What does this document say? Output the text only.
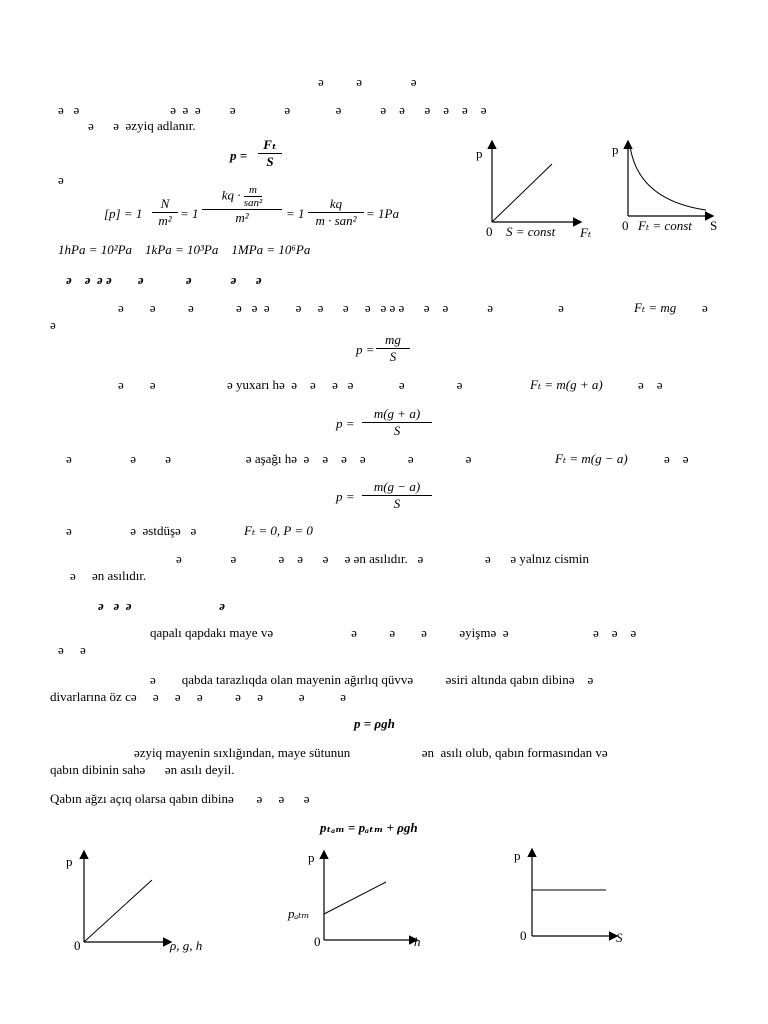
ə          ə               ə
ə   ə                            ə  ə  ə         ə               ə              ə            ə    ə      ə    ə    ə    ə
ə      ə  əzyiq adlanır.
$p = \frac{\text{Fₜ}}{S}$
ə
$[p] = 1 \frac{N}{\text{m²}} = 1$
kq · m
san²
m²	= 1
kq
m · san² = 1Pa
1hPa = 10²Pa    1kPa = 10³Pa    1MPa = 10⁶Pa
ə    ə  ə ə        ə             ə            ə      ə
ə        ə          ə             ə   ə  ə        ə     ə      ə     ə   ə ə ə      ə    ə            ə                    ə	Fₜ = mg ə
ə
p =
$\frac{mg}{S}$
ə        ə                      ə yuxarı hə  ə    ə     ə   ə              ə                ə	Fₜ = m(g + a)	ə    ə
$p = \frac{m(g + a)}{S}$
ə                  ə         ə                       ə aşağı hə  ə    ə    ə    ə             ə                ə	Fₜ = m(g − a)	ə    ə
$p = \frac{m(g - a)}{S}$
ə                  ə  əstdüşə   ə	Fₜ = 0, P = 0
ə               ə             ə    ə      ə     ə ən asılıdır.   ə                   ə      ə yalnız cismin
ə     ən asılıdır.
ə   ə  ə                           ə
qapalı qapdakı maye və                        ə          ə        ə          əyişmə  ə                          ə    ə    ə
ə     ə
ə        qabda tarazlıqda olan mayenin ağırlıq qüvvə          əsiri altında qabın dibinə    ə
divarlarına öz cə     ə     ə     ə          ə     ə           ə           ə
p = ρgh
əzyiq mayenin sıxlığından, maye sütunun                      ən  asılı olub, qabın formasından və
qabın dibinin sahə      ən asılı deyil.
Qabın ağzı açıq olarsa qabın dibinə       ə     ə      ə
pₜₐₘ = pₐₜₘ + ρgh
p
0 S = const Fₜ
p
0 Fₜ = const S
p
0	ρ, g, h
p
pₐₜₘ
0	h
p
0	S
